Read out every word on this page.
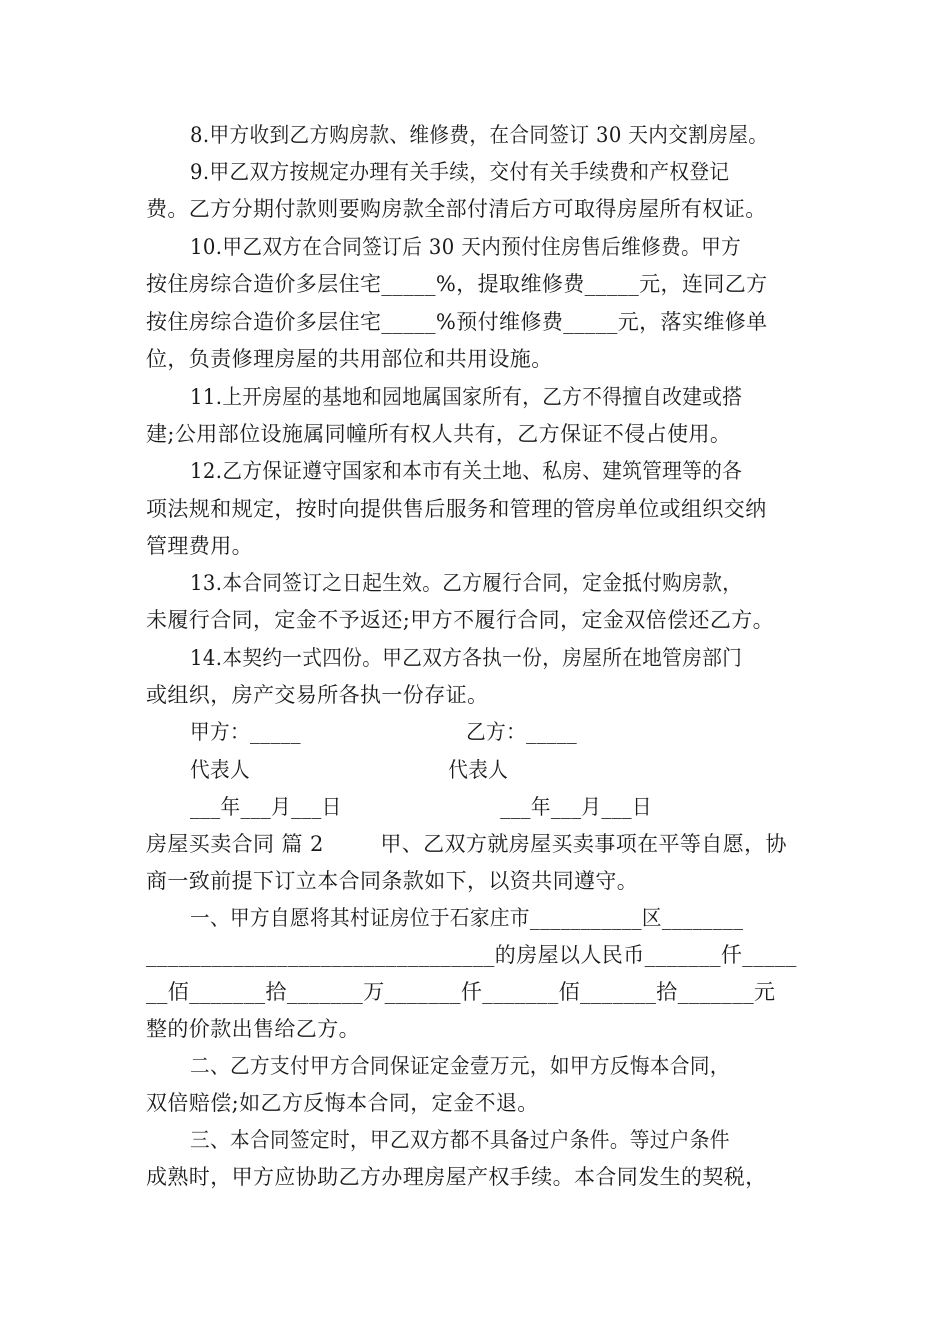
8.甲方收到乙方购房款、维修费，在合同签订 30 天内交割房屋。
9.甲乙双方按规定办理有关手续，交付有关手续费和产权登记
费。乙方分期付款则要购房款全部付清后方可取得房屋所有权证。
10.甲乙双方在合同签订后 30 天内预付住房售后维修费。甲方
按住房综合造价多层住宅_____%，提取维修费_____元，连同乙方
按住房综合造价多层住宅_____%预付维修费_____元，落实维修单
位，负责修理房屋的共用部位和共用设施。
11.上开房屋的基地和园地属国家所有，乙方不得擅自改建或搭
建;公用部位设施属同幢所有权人共有，乙方保证不侵占使用。
12.乙方保证遵守国家和本市有关土地、私房、建筑管理等的各
项法规和规定，按时向提供售后服务和管理的管房单位或组织交纳
管理费用。
13.本合同签订之日起生效。乙方履行合同，定金抵付购房款，
未履行合同，定金不予返还;甲方不履行合同，定金双倍偿还乙方。
14.本契约一式四份。甲乙双方各执一份，房屋所在地管房部门
或组织，房产交易所各执一份存证。
甲方：_____                         乙方：_____
代表人                              代表人
___年___月___日                        ___年___月___日
房屋买卖合同 篇 2        甲、乙双方就房屋买卖事项在平等自愿，协
商一致前提下订立本合同条款如下，以资共同遵守。
一、甲方自愿将其村证房位于石家庄市___________区________
________________________________的房屋以人民币_______仟_____
__佰_______拾_______万_______仟_______佰_______拾_______元
整的价款出售给乙方。
二、乙方支付甲方合同保证定金壹万元，如甲方反悔本合同，
双倍赔偿;如乙方反悔本合同，定金不退。
三、本合同签定时，甲乙双方都不具备过户条件。等过户条件
成熟时，甲方应协助乙方办理房屋产权手续。本合同发生的契税，
